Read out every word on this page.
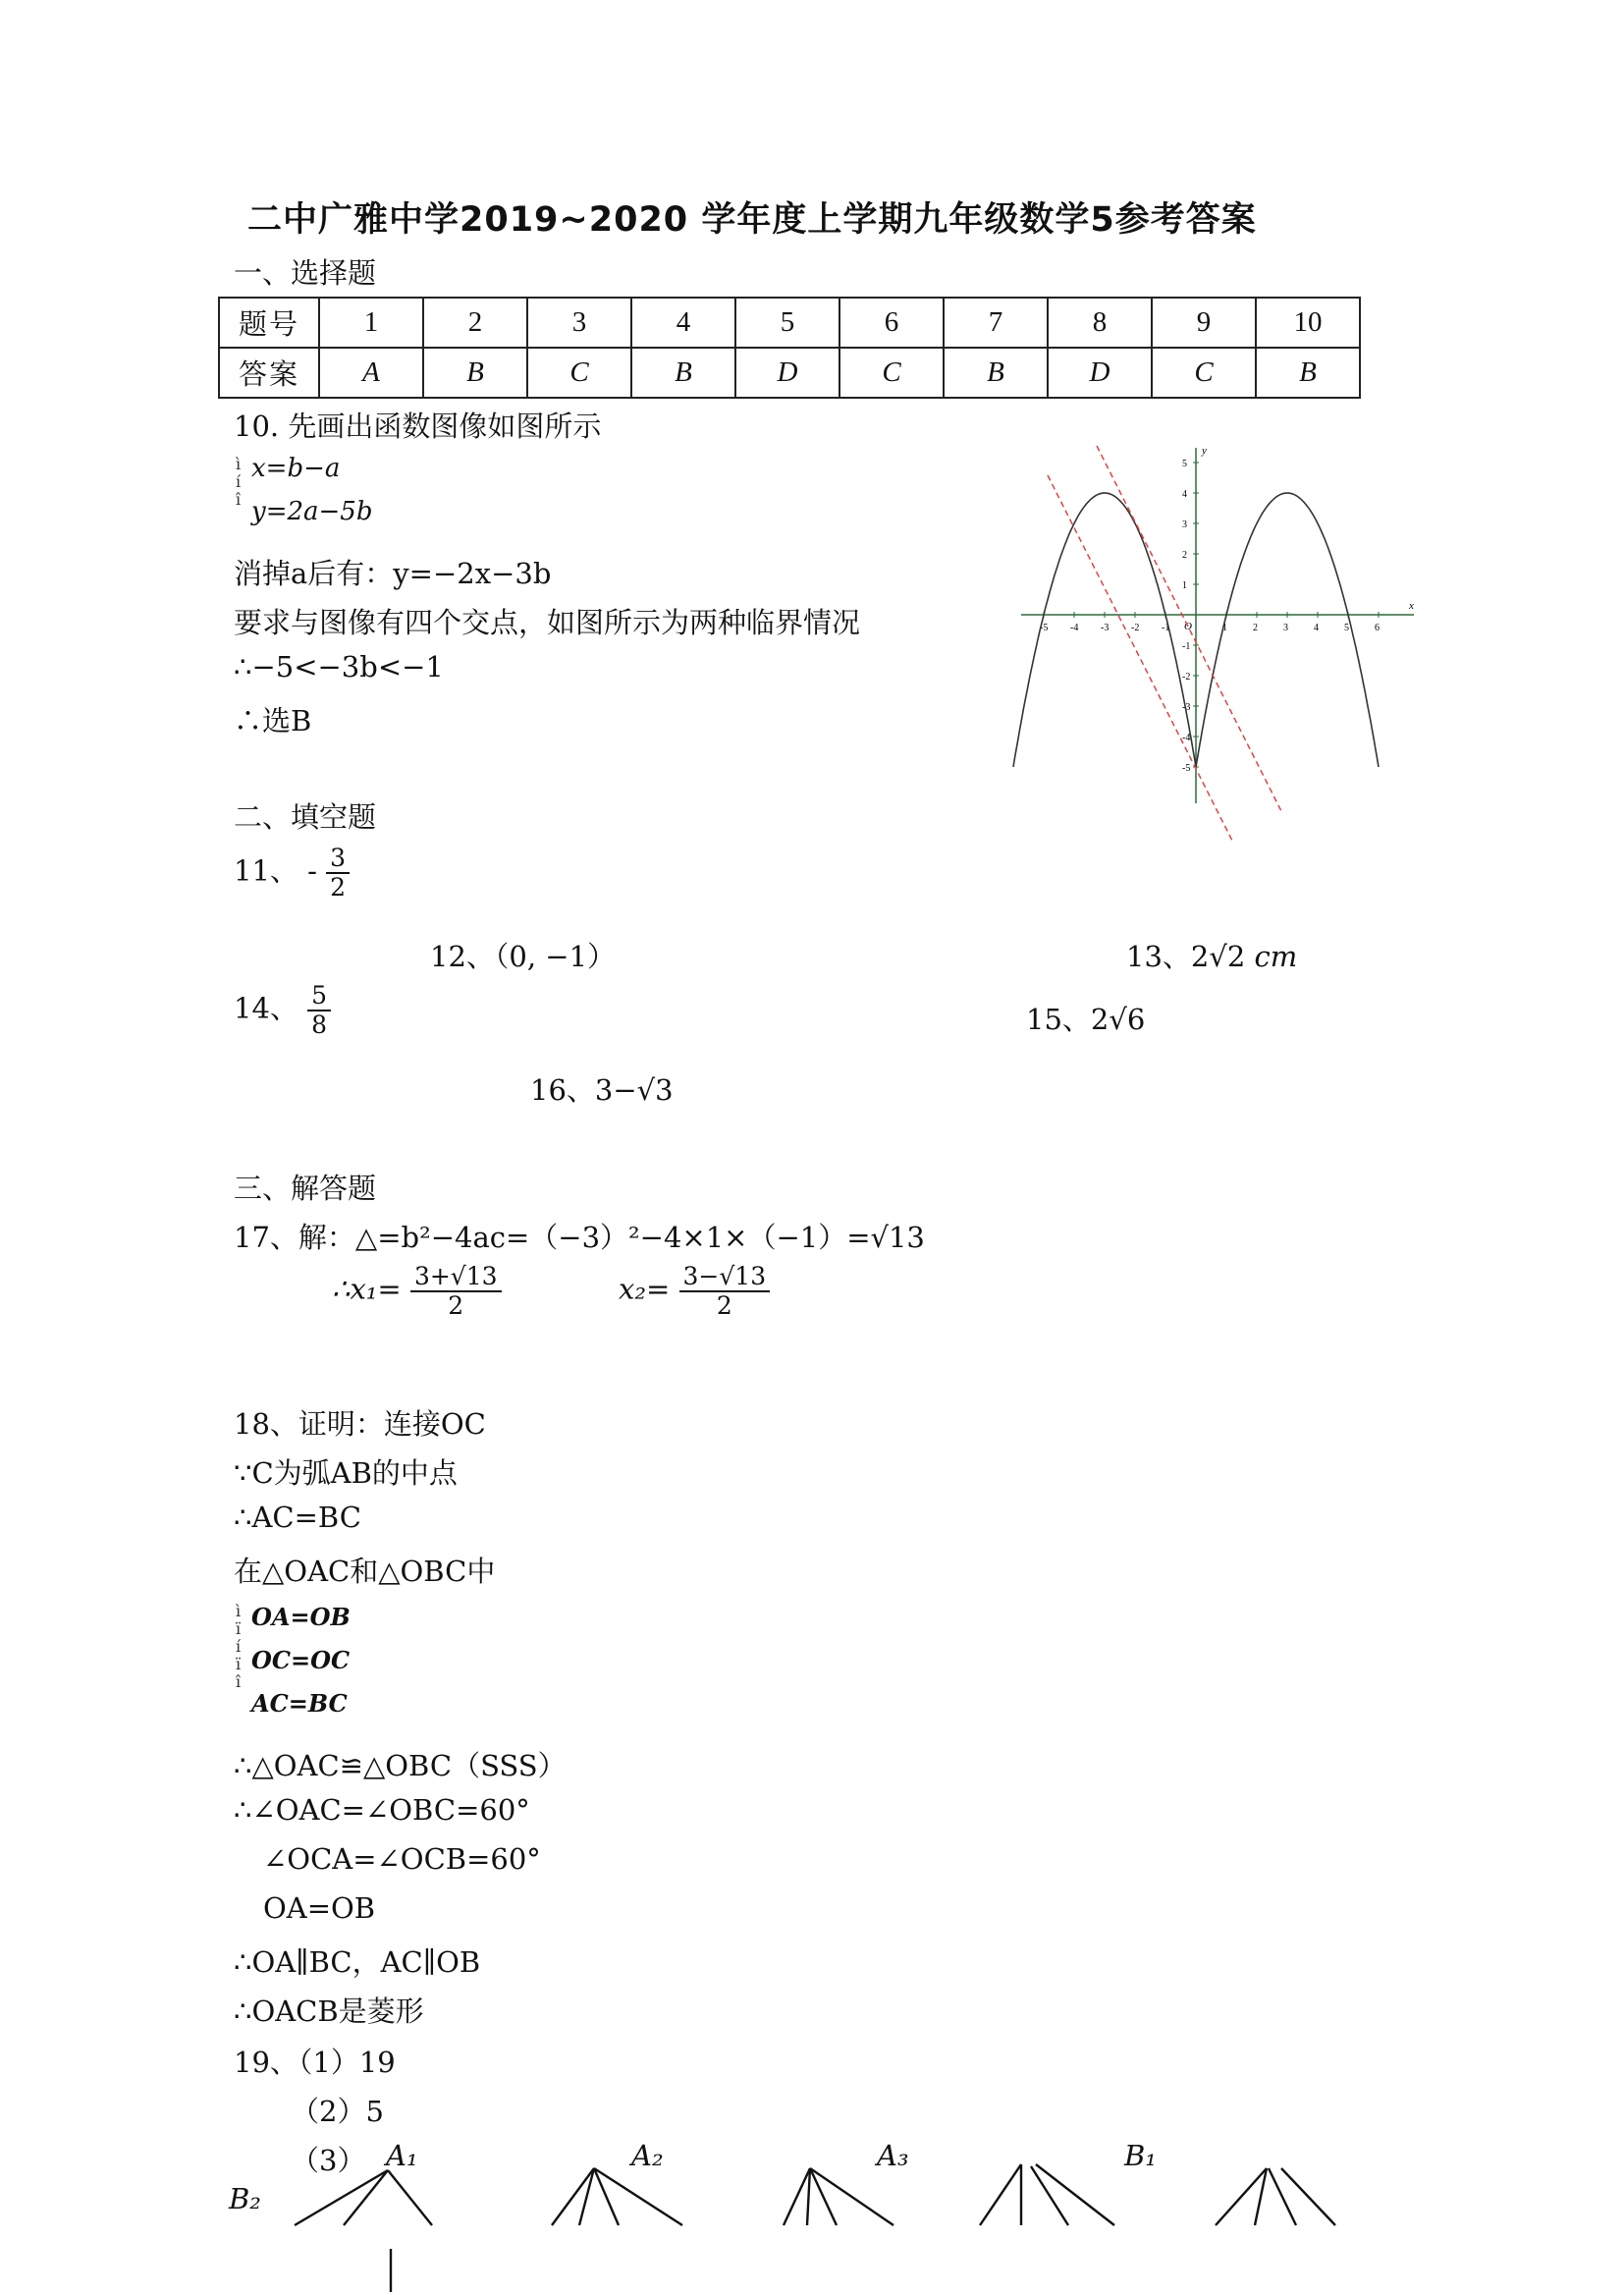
二中广雅中学2019~2020 学年度上学期九年级数学5参考答案
一、选择题
题号	1	2	3	4	5	6	7	8	9	10
答案	A	B	C	B	D	C	B	D	C	B
10. 先画出函数图像如图所示
ì
í
î
x=b−a
y=2a−5b
消掉a后有：y=−2x−3b
要求与图像有四个交点，如图所示为两种临界情况
∴−5<−3b<−1
∴选B
x
y
O
-5 -4 -3 -2 -1	1	2	3	4	5	6
5
4
3
2
1
-1
-2
-3
-4
-5
二、填空题
11、 - $\frac{3}{2}$
12、（0, −1）	13、2√2 cm
14、 $\frac{5}{8}$	15、2√6
16、3−√3
三、解答题
17、解：△=b²−4ac=（−3）²−4×1×（−1）=√13
∴x₁= $\frac{3+√13}{2}$	$x_2= \frac{3-√13}{2}$
18、证明：连接OC
∵C为弧AB的中点
∴AC=BC
在△OAC和△OBC中
ì
ï
í
ï
î
OA=OB
OC=OC
AC=BC
∴△OAC≌△OBC（SSS）
∴∠OAC=∠OBC=60°
∠OCA=∠OCB=60°
OA=OB
∴OA∥BC，AC∥OB
∴OACB是菱形
19、（1）19
（2）5
（3） A₁	A₂	A₃	B₁
B₂
